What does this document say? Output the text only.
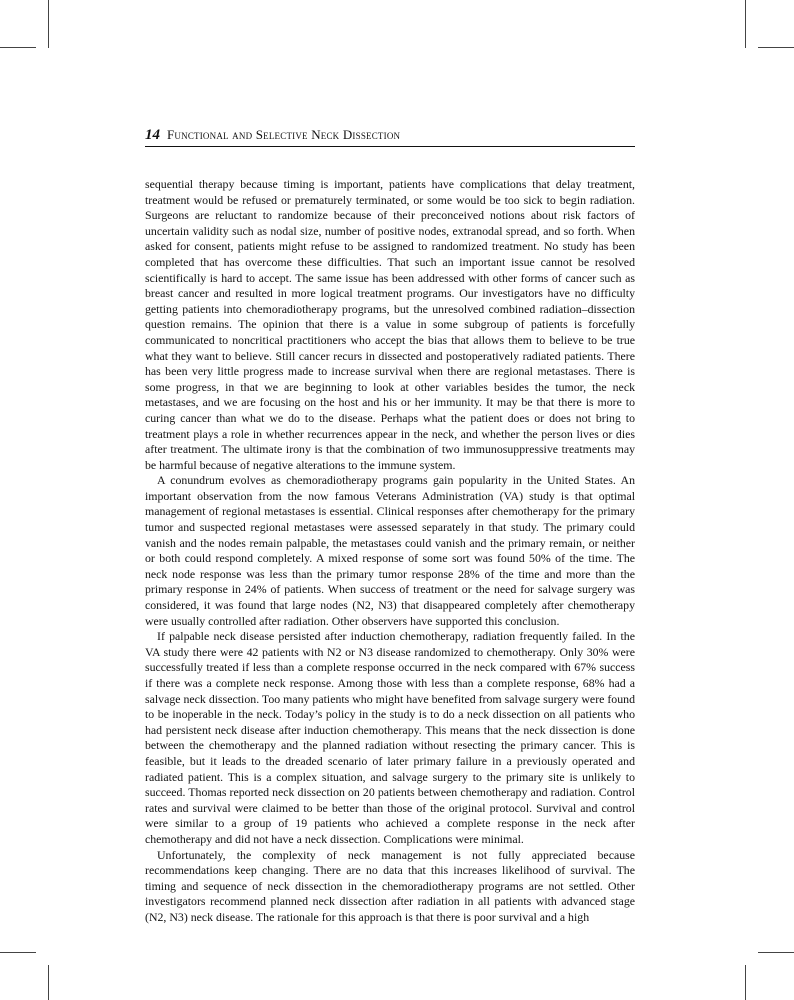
14 Functional and Selective Neck Dissection

sequential therapy because timing is important, patients have complications that delay treatment, treatment would be refused or prematurely terminated, or some would be too sick to begin radiation. Surgeons are reluctant to randomize because of their preconceived notions about risk factors of uncertain validity such as nodal size, number of positive nodes, extranodal spread, and so forth. When asked for consent, patients might refuse to be assigned to randomized treatment. No study has been completed that has overcome these difficulties. That such an important issue cannot be resolved scientifically is hard to accept. The same issue has been addressed with other forms of cancer such as breast cancer and resulted in more logical treatment programs. Our investigators have no difficulty getting patients into chemoradiotherapy programs, but the unresolved combined radiation–dissection question remains. The opinion that there is a value in some subgroup of patients is forcefully communicated to noncritical practitioners who accept the bias that allows them to believe to be true what they want to believe. Still cancer recurs in dissected and postoperatively radiated patients. There has been very little progress made to increase survival when there are regional metastases. There is some progress, in that we are beginning to look at other variables besides the tumor, the neck metastases, and we are focusing on the host and his or her immunity. It may be that there is more to curing cancer than what we do to the disease. Perhaps what the patient does or does not bring to treatment plays a role in whether recurrences appear in the neck, and whether the person lives or dies after treatment. The ultimate irony is that the combination of two immunosuppressive treatments may be harmful because of negative alterations to the immune system.

A conundrum evolves as chemoradiotherapy programs gain popularity in the United States. An important observation from the now famous Veterans Administration (VA) study is that optimal management of regional metastases is essential. Clinical responses after chemotherapy for the primary tumor and suspected regional metastases were assessed separately in that study. The primary could vanish and the nodes remain palpable, the metastases could vanish and the primary remain, or neither or both could respond completely. A mixed response of some sort was found 50% of the time. The neck node response was less than the primary tumor response 28% of the time and more than the primary response in 24% of patients. When success of treatment or the need for salvage surgery was considered, it was found that large nodes (N2, N3) that disappeared completely after chemotherapy were usually controlled after radiation. Other observers have supported this conclusion.

If palpable neck disease persisted after induction chemotherapy, radiation frequently failed. In the VA study there were 42 patients with N2 or N3 disease randomized to chemotherapy. Only 30% were successfully treated if less than a complete response occurred in the neck compared with 67% success if there was a complete neck response. Among those with less than a complete response, 68% had a salvage neck dissection. Too many patients who might have benefited from salvage surgery were found to be inoperable in the neck. Today’s policy in the study is to do a neck dissection on all patients who had persistent neck disease after induction chemotherapy. This means that the neck dissection is done between the chemotherapy and the planned radiation without resecting the primary cancer. This is feasible, but it leads to the dreaded scenario of later primary failure in a previously operated and radiated patient. This is a complex situation, and salvage surgery to the primary site is unlikely to succeed. Thomas reported neck dissection on 20 patients between chemotherapy and radiation. Control rates and survival were claimed to be better than those of the original protocol. Survival and control were similar to a group of 19 patients who achieved a complete response in the neck after chemotherapy and did not have a neck dissection. Complications were minimal.

Unfortunately, the complexity of neck management is not fully appreciated because recommendations keep changing. There are no data that this increases likelihood of survival. The timing and sequence of neck dissection in the chemoradiotherapy programs are not settled. Other investigators recommend planned neck dissection after radiation in all patients with advanced stage (N2, N3) neck disease. The rationale for this approach is that there is poor survival and a high
